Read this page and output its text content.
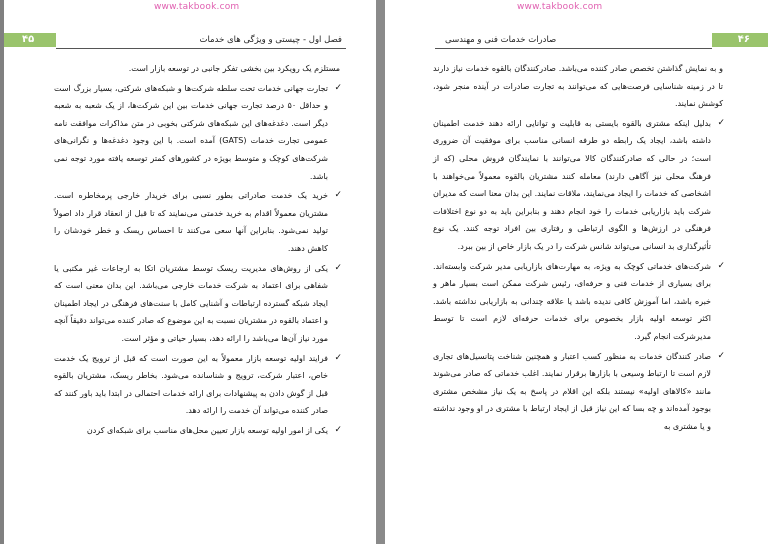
www.takbook.com
۴۶
صادرات خدمات فنی و مهندسی

و به نمایش گذاشتن تخصص صادر کننده می‌باشد. صادرکنندگان بالقوه خدمات نیاز دارند تا در زمینه شناسایی فرصت‌هایی که می‌توانند به تجارت صادرات در آینده منجر شود، کوشش نمایند.

✓
بدلیل اینکه مشتری بالقوه بایستی به قابلیت و توانایی ارائه دهند خدمت اطمینان داشته باشد، ایجاد یک رابطه دو طرفه انسانی مناسب برای موفقیت آن ضروری است؛ در حالی که صادرکنندگان کالا می‌توانند با نمایندگان فروش محلی (که از فرهنگ محلی نیز آگاهی دارند) معامله کنند مشتریان بالقوه معمولاً می‌خواهند با اشخاصی که خدمات را ایجاد می‌نمایند، ملاقات نمایند. این بدان معنا است که مدیران شرکت باید بازاریابی خدمات را خود انجام دهند و بنابراین باید به دو نوع اختلافات فرهنگی در ارزش‌ها و الگوی ارتباطی و رفتاری بین افراد توجه کنند. یک نوع تأثیرگذاری بد انسانی می‌تواند شانس شرکت را در یک بازار خاص از بین ببرد.
✓
شرکت‌های خدماتی کوچک به ویژه، به مهارت‌های بازاریابی مدیر شرکت وابسته‌اند. برای بسیاری از خدمات فنی و حرفه‌ای، رئیس شرکت ممکن است بسیار ماهر و خبره باشد، اما آموزش کافی ندیده باشد یا علاقه چندانی به بازاریابی نداشته باشد. اکثر توسعه اولیه بازار بخصوص برای خدمات حرفه‌ای لازم است تا توسط مدیرشرکت انجام گیرد.
✓
صادر کنندگان خدمات به منظور کسب اعتبار و همچنین شناخت پتانسیل‌های تجاری لازم است تا ارتباط وسیعی با بازارها برقرار نمایند. اغلب خدماتی که صادر می‌شوند مانند «کالاهای اولیه» نیستند بلکه این اقلام در پاسخ به یک نیاز مشخص مشتری بوجود آمده‌اند و چه بسا که این نیاز قبل از ایجاد ارتباط با مشتری در او وجود نداشته و یا مشتری به
www.takbook.com
۴۵	فصل اول - چیستی و ویژگی های خدمات

مستلزم یک رویکرد بین بخشی تفکر جانبی در توسعه بازار است.

✓
تجارت جهانی خدمات تحت سلطه شرکت‌ها و شبکه‌های شرکتی، بسیار بزرگ است و حداقل ۵۰ درصد تجارت جهانی خدمات بین این شرکت‌ها، از یک شعبه به شعبه دیگر است. دغدغه‌های این شبکه‌های شرکتی بخوبی در متن مذاکرات موافقت نامه عمومی تجارت خدمات (GATS) آمده است. با این وجود دغدغه‌ها و نگرانی‌های شرکت‌های کوچک و متوسط بویژه در کشورهای کمتر توسعه یافته مورد توجه نمی باشد.
✓
خرید یک خدمت صادراتی بطور نسبی برای خریدار خارجی پرمخاطره است. مشتریان معمولاً اقدام به خرید خدمتی می‌نمایند که تا قبل از انعقاد قرار داد اصولاً تولید نمی‌شود. بنابراین آنها سعی می‌کنند تا احساس ریسک و خطر خودشان را کاهش دهند.
✓
یکی از روش‌های مدیریت ریسک توسط مشتریان اتکا به ارجاعات غیر مکتبی یا شفاهی برای اعتماد به شرکت خدمات خارجی می‌باشد. این بدان معنی است که ایجاد شبکه گسترده ارتباطات و آشنایی کامل با سنت‌های فرهنگی در ایجاد اطمینان و اعتماد بالقوه در مشتریان نسبت به این موضوع که صادر کننده می‌تواند دقیقاً آنچه مورد نیاز آن‌ها می‌باشد را ارائه دهد، بسیار حیاتی و مؤثر است.
✓
فرایند اولیه توسعه بازار معمولاً به این صورت است که قبل از ترویج یک خدمت خاص، اعتبار شرکت، ترویج و شناسانده می‌شود. بخاطر ریسک، مشتریان بالقوه قبل از گوش دادن به پیشنهادات برای ارائه خدمات احتمالی در ابتدا باید باور کنند که صادر کننده می‌تواند آن خدمت را ارائه دهد.
✓
یکی از امور اولیه توسعه بازار تعیین محل‌های مناسب برای شبکه‌ای کردن
